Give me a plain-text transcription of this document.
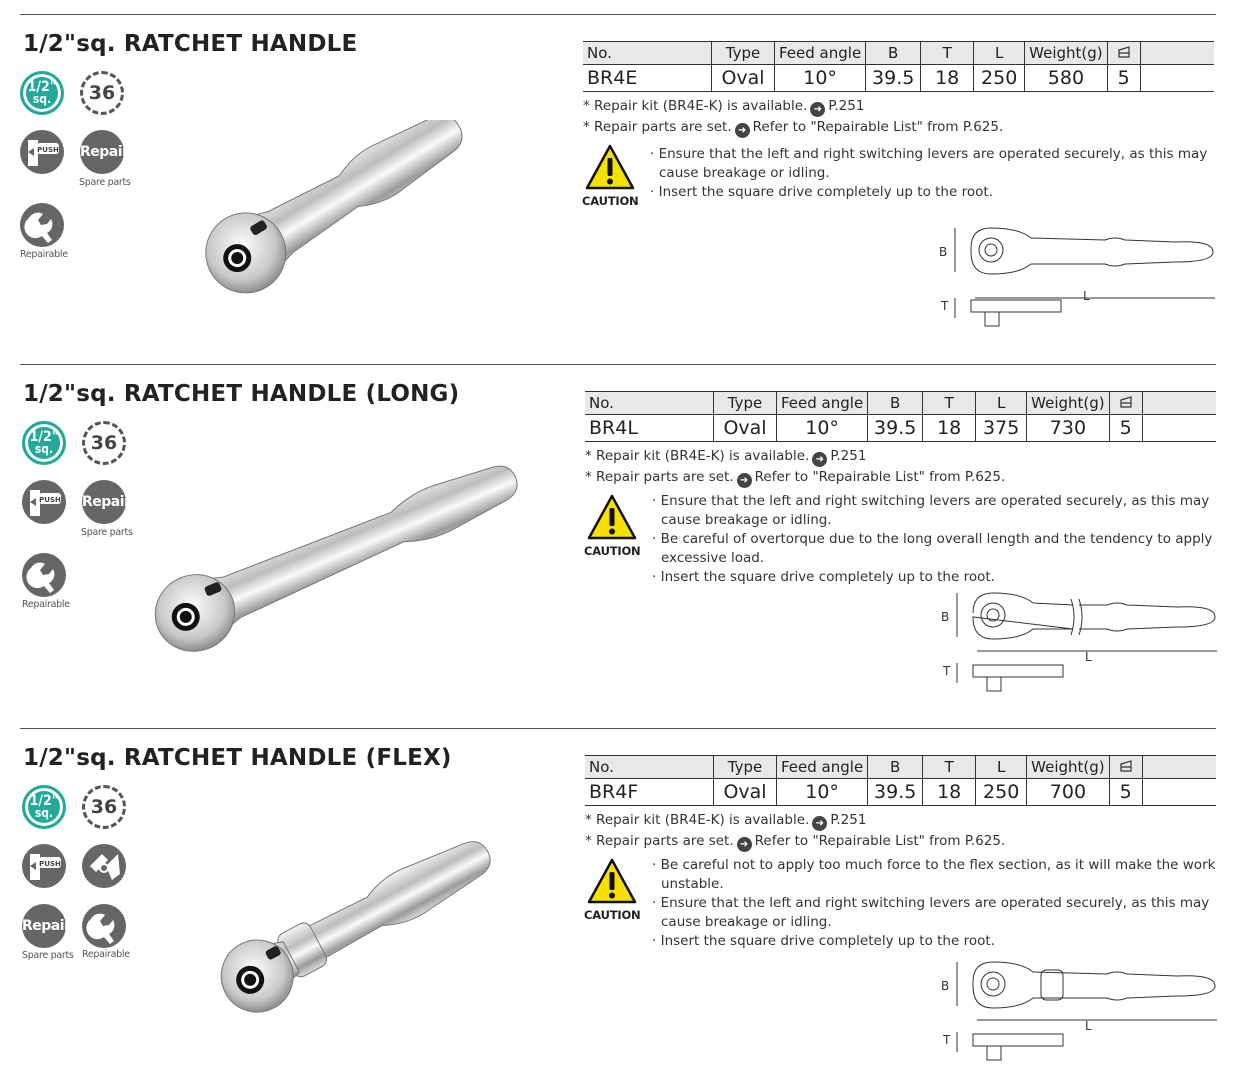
1/2"sq. RATCHET HANDLE
1/2"
sq.	36
PUSH Repair
Spare parts
Repairable
No.	Type	Feed angle	B	T	L	Weight(g)		
BR4E	Oval	10°	39.5	18	250	580	5	
* Repair kit (BR4E-K) is available. ➜ P.251
* Repair parts are set. ➜ Refer to "Repairable List" from P.625.
CAUTION
· Ensure that the left and right switching levers are operated securely, as this may
cause breakage or idling.
· Insert the square drive completely up to the root.
B
L
T
1/2"sq. RATCHET HANDLE (LONG)
1/2"
sq.	36
PUSH Repair
Spare parts
Repairable
No.	Type	Feed angle	B	T	L	Weight(g)		
BR4L	Oval	10°	39.5	18	375	730	5	
* Repair kit (BR4E-K) is available. ➜ P.251
* Repair parts are set. ➜ Refer to "Repairable List" from P.625.
CAUTION
· Ensure that the left and right switching levers are operated securely, as this may
cause breakage or idling.
· Be careful of overtorque due to the long overall length and the tendency to apply
excessive load.
· Insert the square drive completely up to the root.
B
L
T
1/2"sq. RATCHET HANDLE (FLEX)
1/2"
sq.	36
PUSH
Repair
Spare parts Repairable
No.	Type	Feed angle	B	T	L	Weight(g)		
BR4F	Oval	10°	39.5	18	250	700	5	
* Repair kit (BR4E-K) is available. ➜ P.251
* Repair parts are set. ➜ Refer to "Repairable List" from P.625.
CAUTION
· Be careful not to apply too much force to the flex section, as it will make the work
unstable.
· Ensure that the left and right switching levers are operated securely, as this may
cause breakage or idling.
· Insert the square drive completely up to the root.
B
L
T
